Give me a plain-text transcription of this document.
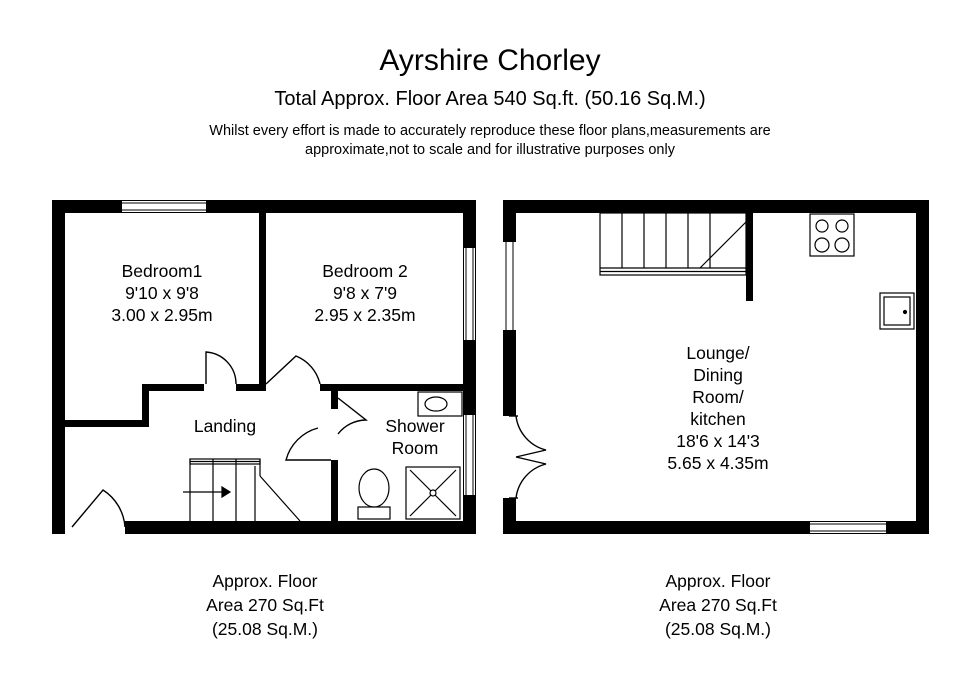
Ayrshire Chorley
Total Approx. Floor Area 540 Sq.ft. (50.16 Sq.M.)
Whilst every effort is made to accurately reproduce these floor plans,measurements are
approximate,not to scale and for illustrative purposes only
Bedroom1
9'10 x 9'8
3.00 x 2.95m
Bedroom 2
9'8 x 7'9
2.95 x 2.35m
Landing	Shower
Room
Lounge/
Dining
Room/
kitchen
18'6 x 14'3
5.65 x 4.35m
Approx. Floor
Area 270 Sq.Ft
(25.08 Sq.M.)
Approx. Floor
Area 270 Sq.Ft
(25.08 Sq.M.)
